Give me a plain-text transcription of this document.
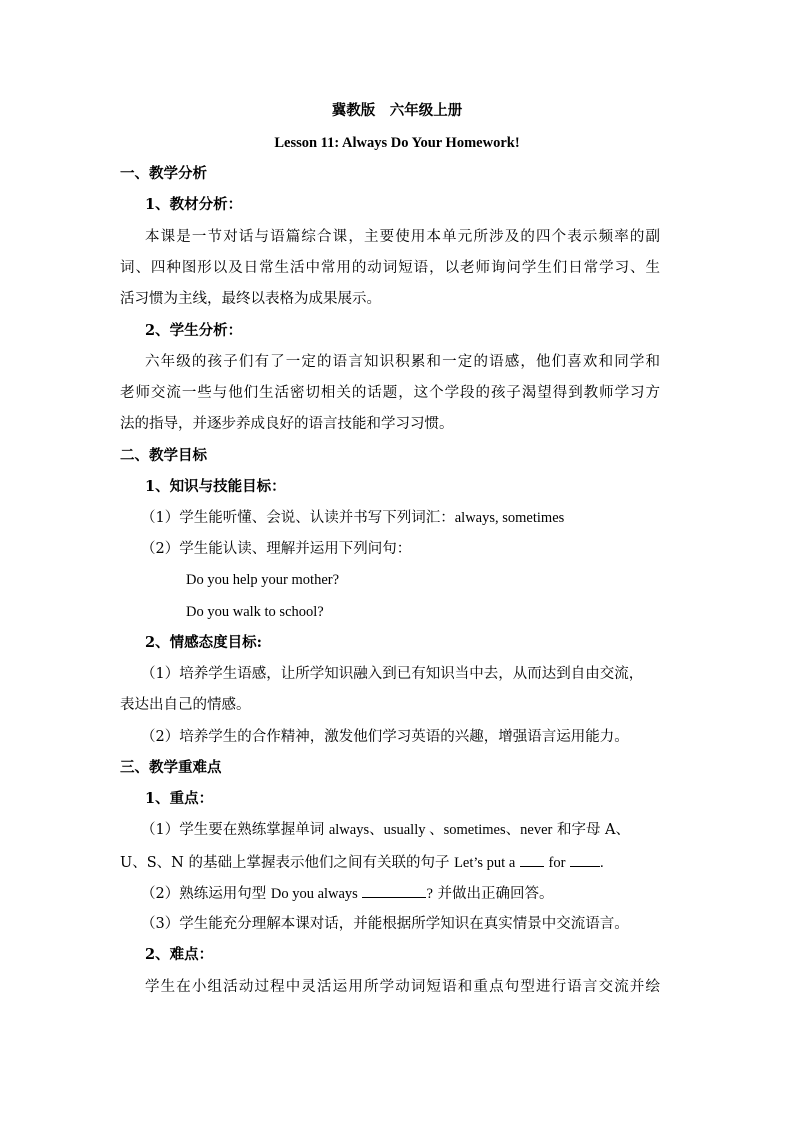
冀教版　六年级上册
Lesson 11: Always Do Your Homework!
一、教学分析
1、教材分析：
本课是一节对话与语篇综合课，主要使用本单元所涉及的四个表示频率的副
词、四种图形以及日常生活中常用的动词短语，以老师询问学生们日常学习、生
活习惯为主线，最终以表格为成果展示。
2、学生分析：
六年级的孩子们有了一定的语言知识积累和一定的语感，他们喜欢和同学和
老师交流一些与他们生活密切相关的话题，这个学段的孩子渴望得到教师学习方
法的指导，并逐步养成良好的语言技能和学习习惯。
二、教学目标
1、知识与技能目标：
（1）学生能听懂、会说、认读并书写下列词汇：always, sometimes
（2）学生能认读、理解并运用下列问句：
Do you help your mother?
Do you walk to school?
2、情感态度目标:
（1）培养学生语感，让所学知识融入到已有知识当中去，从而达到自由交流，
表达出自己的情感。
（2）培养学生的合作精神，激发他们学习英语的兴趣，增强语言运用能力。
三、教学重难点
1、重点：
（1）学生要在熟练掌握单词 always、usually 、sometimes、never 和字母 A、
U、S、N 的基础上掌握表示他们之间有关联的句子 Let’s put a for .
（2）熟练运用句型 Do you always	? 并做出正确回答。
（3）学生能充分理解本课对话，并能根据所学知识在真实情景中交流语言。
2、难点：
学生在小组活动过程中灵活运用所学动词短语和重点句型进行语言交流并绘
